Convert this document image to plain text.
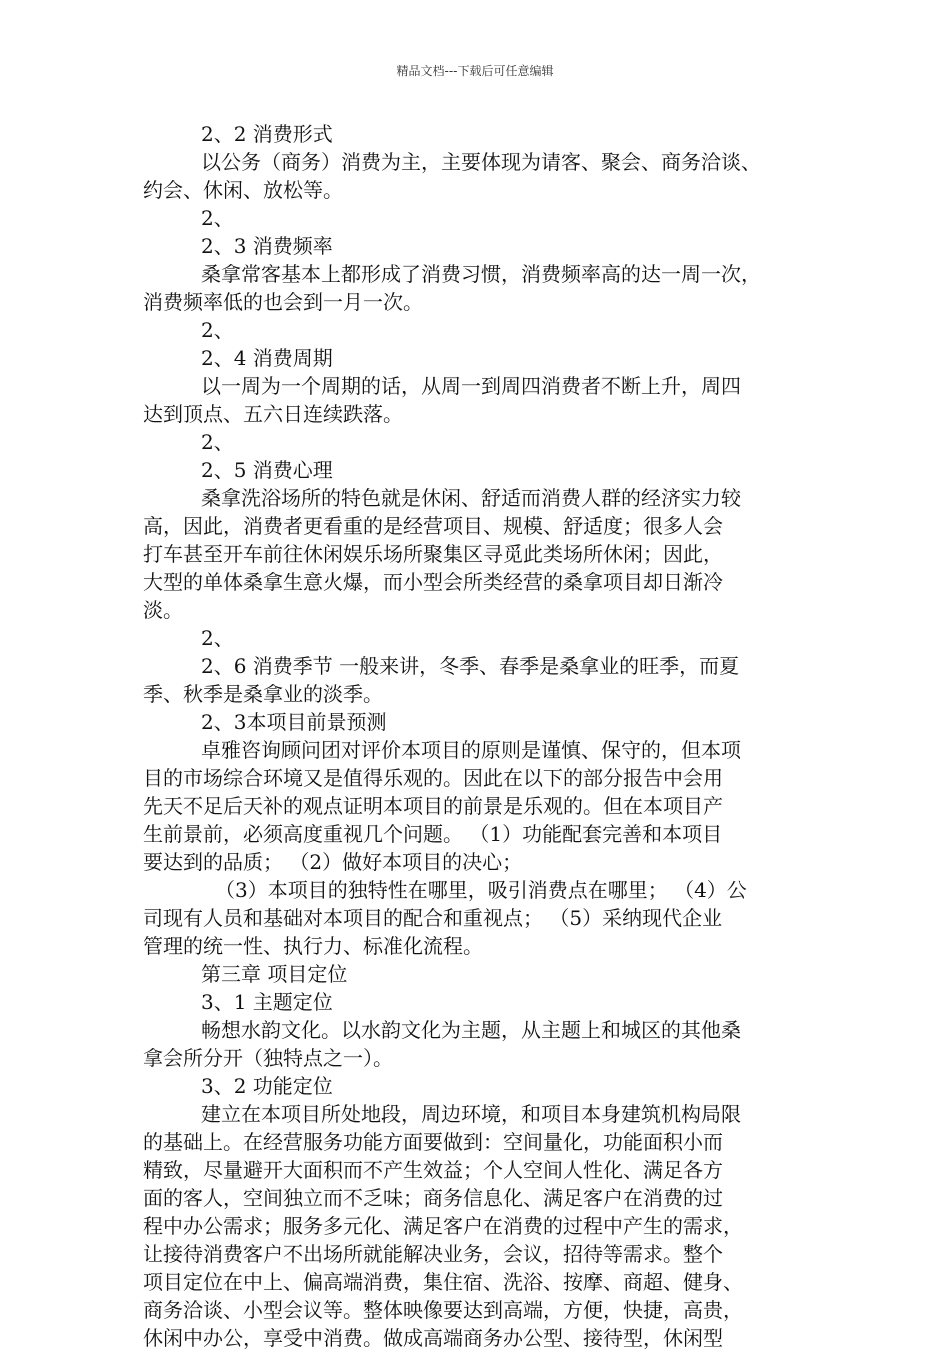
精品文档---下载后可任意编辑
2、2 消费形式
以公务（商务）消费为主，主要体现为请客、聚会、商务洽谈、
约会、休闲、放松等。
2、
2、3 消费频率
桑拿常客基本上都形成了消费习惯，消费频率高的达一周一次，
消费频率低的也会到一月一次。
2、
2、4 消费周期
以一周为一个周期的话，从周一到周四消费者不断上升，周四
达到顶点、五六日连续跌落。
2、
2、5 消费心理
桑拿洗浴场所的特色就是休闲、舒适而消费人群的经济实力较
高，因此，消费者更看重的是经营项目、规模、舒适度；很多人会
打车甚至开车前往休闲娱乐场所聚集区寻觅此类场所休闲；因此，
大型的单体桑拿生意火爆，而小型会所类经营的桑拿项目却日渐冷
淡。
2、
2、6 消费季节 一般来讲，冬季、春季是桑拿业的旺季，而夏
季、秋季是桑拿业的淡季。
2、3本项目前景预测
卓雅咨询顾问团对评价本项目的原则是谨慎、保守的，但本项
目的市场综合环境又是值得乐观的。因此在以下的部分报告中会用
先天不足后天补的观点证明本项目的前景是乐观的。但在本项目产
生前景前，必须高度重视几个问题。 （1）功能配套完善和本项目
要达到的品质； （2）做好本项目的决心；
（3）本项目的独特性在哪里，吸引消费点在哪里； （4）公
司现有人员和基础对本项目的配合和重视点； （5）采纳现代企业
管理的统一性、执行力、标准化流程。
第三章 项目定位
3、1 主题定位
畅想水韵文化。以水韵文化为主题，从主题上和城区的其他桑
拿会所分开（独特点之一）。
3、2 功能定位
建立在本项目所处地段，周边环境，和项目本身建筑机构局限
的基础上。在经营服务功能方面要做到：空间量化，功能面积小而
精致，尽量避开大面积而不产生效益；个人空间人性化、满足各方
面的客人，空间独立而不乏味；商务信息化、满足客户在消费的过
程中办公需求；服务多元化、满足客户在消费的过程中产生的需求，
让接待消费客户不出场所就能解决业务，会议，招待等需求。整个
项目定位在中上、偏高端消费，集住宿、洗浴、按摩、商超、健身、
商务洽谈、小型会议等。整体映像要达到高端，方便，快捷，高贵，
休闲中办公，享受中消费。做成高端商务办公型、接待型，休闲型
